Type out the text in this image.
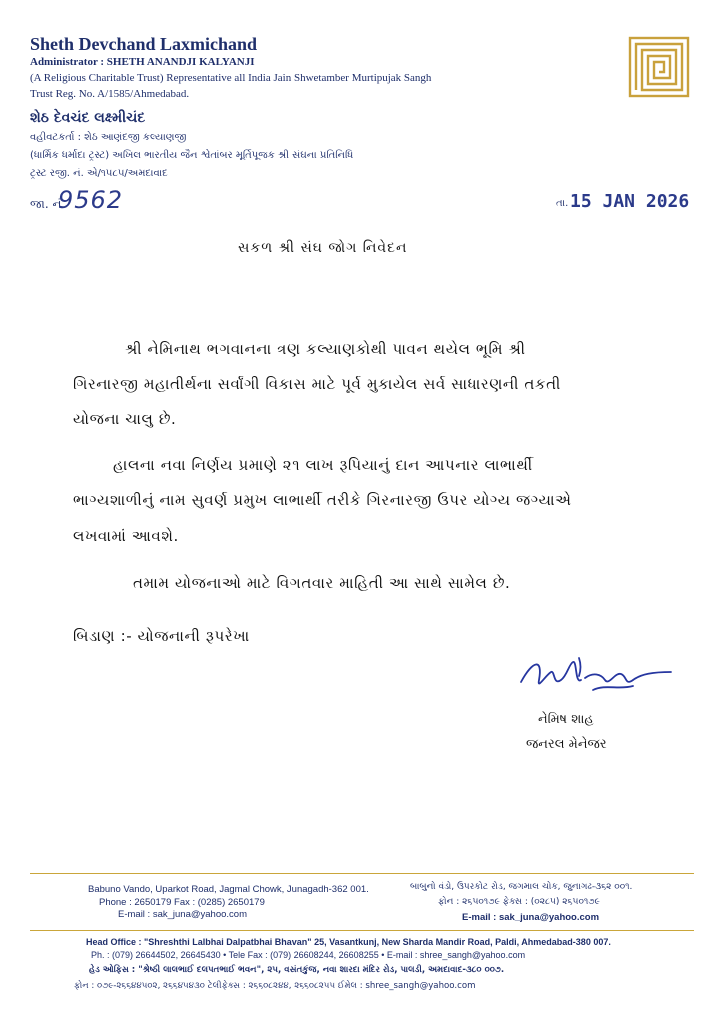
Sheth Devchand Laxmichand
Administrator : SHETH ANANDJI KALYANJI
(A Religious Charitable Trust) Representative all India Jain Shwetamber Murtipujak Sangh
Trust Reg. No. A/1585/Ahmedabad.
શેઠ દેવચંદ લક્ષ્મીચંદ
વહીવટકર્તા : શેઠ આણંદજી કલ્યાણજી
(ધાર્મિક ધર્માદા ટ્રસ્ટ) અખિલ ભારતીય જૈન શ્વેતાંબર મૂર્તિપૂજક શ્રી સંઘના પ્રતિનિધિ
ટ્રસ્ટ રજી. નં. એ/૧૫૮૫/અમદાવાદ
જા. નં.
9562	તા. 15 JAN 2026
સકળ શ્રી સંઘ જોગ નિવેદન
શ્રી નેમિનાથ ભગવાનના ત્રણ કલ્યાણકોથી પાવન થયેલ ભૂમિ શ્રી
ગિરનારજી મહાતીર્થના સર્વાંગી વિકાસ માટે પૂર્વ મુકાયેલ સર્વ સાધારણની તકતી
યોજના ચાલુ છે.
હાલના નવા નિર્ણય પ્રમાણે ૨૧ લાખ રૂપિયાનું દાન આપનાર લાભાર્થી
ભાગ્યશાળીનું નામ સુવર્ણ પ્રમુખ લાભાર્થી તરીકે ગિરનારજી ઉપર યોગ્ય જગ્યાએ
લખવામાં આવશે.
તમામ યોજનાઓ માટે વિગતવાર માહિતી આ સાથે સામેલ છે.
બિડાણ :- યોજનાની રૂપરેખા
નેમિષ શાહ
જનરલ મેનેજર
Babuno Vando, Uparkot Road, Jagmal Chowk, Junagadh-362 001.
Phone : 2650179 Fax : (0285) 2650179
E-mail : sak_juna@yahoo.com
બાબુનો વંડો, ઉપરકોટ રોડ, જગમાલ ચોક, જુનાગઢ-૩૬૨ ૦૦૧.
ફોન : ૨૬૫૦૧૭૯ ફેક્સ : (૦૨૮૫) ૨૬૫૦૧૭૯
E-mail : sak_juna@yahoo.com
Head Office : "Shreshthi Lalbhai Dalpatbhai Bhavan" 25, Vasantkunj, New Sharda Mandir Road, Paldi, Ahmedabad-380 007.
Ph. : (079) 26644502, 26645430 • Tele Fax : (079) 26608244, 26608255 • E-mail : shree_sangh@yahoo.com
હેડ ઓફિસ : "શ્રેષ્ઠી લાલભાઈ દલપતભાઈ ભવન", ૨૫, વસંતકુંજ, નવા શારદા મંદિર રોડ, પાલડી, અમદાવાદ-૩૮૦ ૦૦૭.
ફોન : ૦૭૯-૨૬૬૪૪૫૦૨, ૨૬૬૪૫૪૩૦ ટેલીફેક્સ : ૨૬૬૦૮૨૪૪, ૨૬૬૦૮૨૫૫ ઈમેલ : shree_sangh@yahoo.com
